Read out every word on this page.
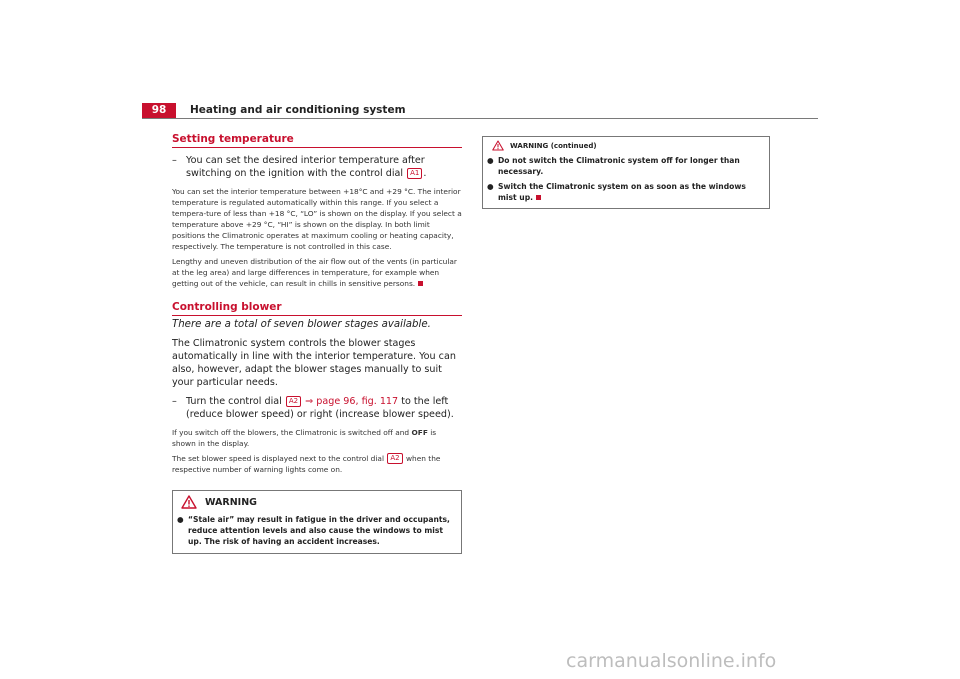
98	Heating and air conditioning system
Setting temperature
– You can set the desired interior temperature after switching on the ignition with the control dial A1 .
You can set the interior temperature between +18°C and +29 °C. The interior temperature is regulated automatically within this range. If you select a tempera-ture of less than +18 °C, “LO” is shown on the display. If you select a temperature above +29 °C, “HI” is shown on the display. In both limit positions the Climatronic operates at maximum cooling or heating capacity, respectively. The temperature is not controlled in this case.
Lengthy and uneven distribution of the air flow out of the vents (in particular at the leg area) and large differences in temperature, for example when getting out of the vehicle, can result in chills in sensitive persons.
Controlling blower
There are a total of seven blower stages available.
The Climatronic system controls the blower stages automatically in line with the interior temperature. You can also, however, adapt the blower stages manually to suit your particular needs.
– Turn the control dial A2 ⇒ page 96, fig. 117 to the left (reduce blower speed) or right (increase blower speed).
If you switch off the blowers, the Climatronic is switched off and OFF is shown in the display.
The set blower speed is displayed next to the control dial A2 when the respective number of warning lights come on.
WARNING
● “Stale air” may result in fatigue in the driver and occupants, reduce attention levels and also cause the windows to mist up. The risk of having an accident increases.
WARNING (continued)
● Do not switch the Climatronic system off for longer than necessary.
● Switch the Climatronic system on as soon as the windows mist up.
carmanualsonline.info
